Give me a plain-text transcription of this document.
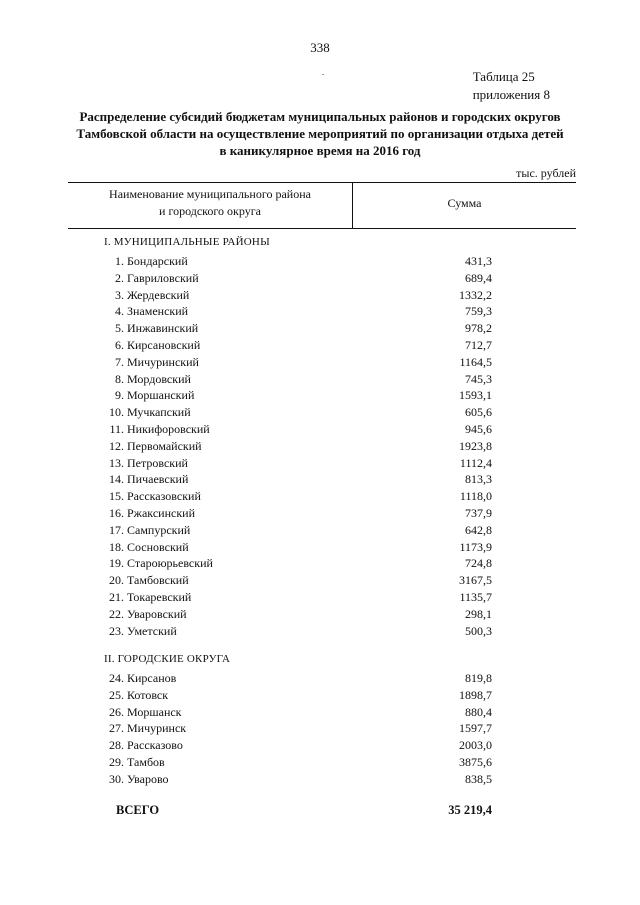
338
Таблица 25
приложения 8
Распределение субсидий бюджетам муниципальных районов и городских округов
Тамбовской области на осуществление мероприятий по организации отдыха детей
в каникулярное время на 2016 год
тыс. рублей
Наименование муниципального района
и городского округа
Сумма
I. МУНИЦИПАЛЬНЫЕ РАЙОНЫ
1. Бондарский	431,3
2. Гавриловский	689,4
3. Жердевский	1332,2
4. Знаменский	759,3
5. Инжавинский	978,2
6. Кирсановский	712,7
7. Мичуринский	1164,5
8. Мордовский	745,3
9. Моршанский	1593,1
10. Мучкапский	605,6
11. Никифоровский	945,6
12. Первомайский	1923,8
13. Петровский	1112,4
14. Пичаевский	813,3
15. Рассказовский	1118,0
16. Ржаксинский	737,9
17. Сампурский	642,8
18. Сосновский	1173,9
19. Староюрьевский	724,8
20. Тамбовский	3167,5
21. Токаревский	1135,7
22. Уваровский	298,1
23. Уметский	500,3
II. ГОРОДСКИЕ ОКРУГА
24. Кирсанов	819,8
25. Котовск	1898,7
26. Моршанск	880,4
27. Мичуринск	1597,7
28. Рассказово	2003,0
29. Тамбов	3875,6
30. Уварово	838,5
ВСЕГО	35 219,4
